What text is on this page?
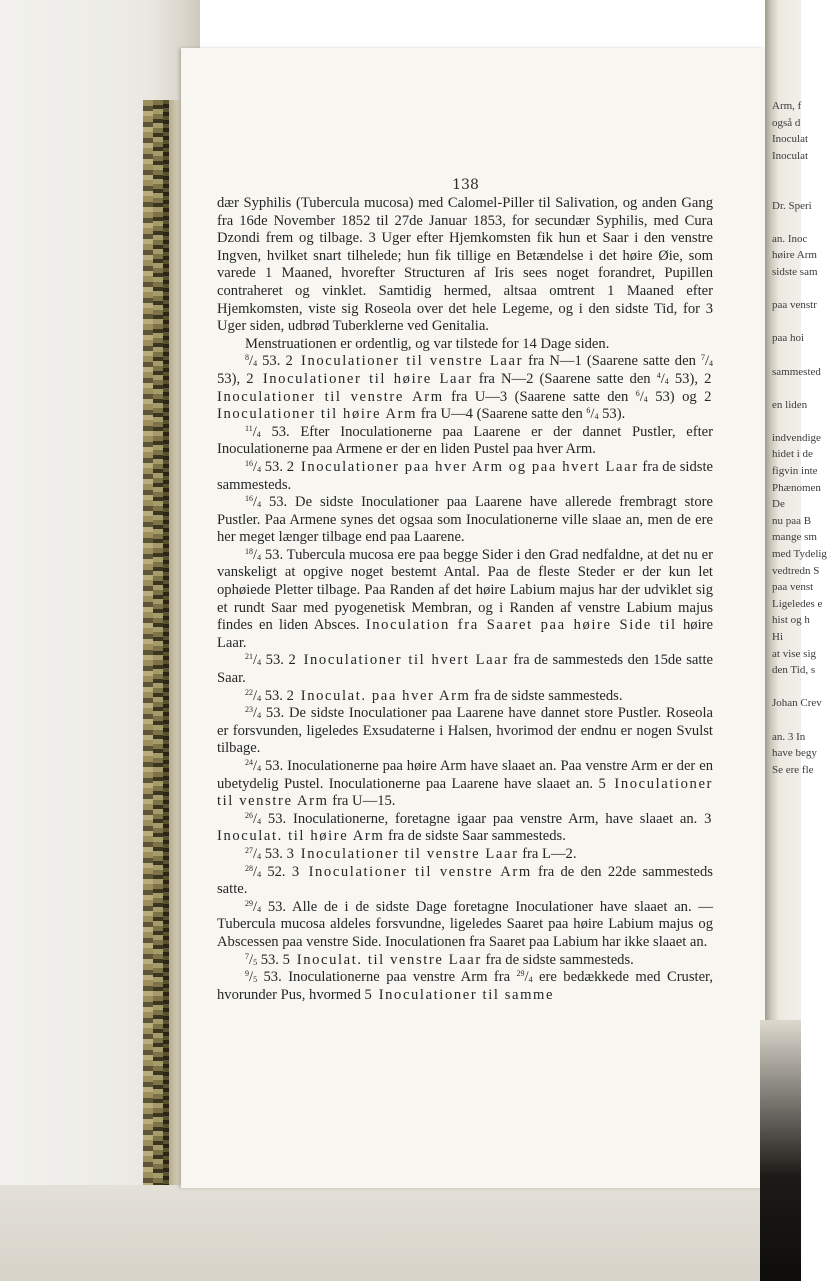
138

dær Syphilis (Tubercula mucosa) med Calomel-Piller til Salivation, og anden Gang fra 16de November 1852 til 27de Januar 1853, for secundær Syphilis, med Cura Dzondi frem og tilbage. 3 Uger efter Hjemkomsten fik hun et Saar i den venstre Ingven, hvilket snart tilhelede; hun fik tillige en Betændelse i det høire Øie, som varede 1 Maaned, hvorefter Structuren af Iris sees noget forandret, Pupillen contraheret og vinklet. Samtidig hermed, altsaa omtrent 1 Maaned efter Hjemkomsten, viste sig Roseola over det hele Legeme, og i den sidste Tid, for 3 Uger siden, udbrød Tuberklerne ved Genitalia.

Menstruationen er ordentlig, og var tilstede for 14 Dage siden.

$^8/_4$ 53. 2 Inoculationer til venstre Laar fra N—1 (Saarene satte den $^7/_4$ 53), 2 Inoculationer til høire Laar fra N—2 (Saarene satte den $^4/_4$ 53), 2 Inoculationer til venstre Arm fra U—3 (Saarene satte den $^6/_4$ 53) og 2 Inoculationer til høire Arm fra U—4 (Saarene satte den $^6/_4$ 53).

$^{11}/_4$ 53. Efter Inoculationerne paa Laarene er der dannet Pustler, efter Inoculationerne paa Armene er der en liden Pustel paa hver Arm.

$^{16}/_4$ 53. 2 Inoculationer paa hver Arm og paa hvert Laar fra de sidste sammesteds.

$^{16}/_4$ 53. De sidste Inoculationer paa Laarene have allerede frembragt store Pustler. Paa Armene synes det ogsaa som Inoculationerne ville slaae an, men de ere her meget længer tilbage end paa Laarene.

$^{18}/_4$ 53. Tubercula mucosa ere paa begge Sider i den Grad nedfaldne, at det nu er vanskeligt at opgive noget bestemt Antal. Paa de fleste Steder er der kun let ophøiede Pletter tilbage. Paa Randen af det høire Labium majus har der udviklet sig et rundt Saar med pyogenetisk Membran, og i Randen af venstre Labium majus findes en liden Absces. Inoculation fra Saaret paa høire Side til høire Laar.

$^{21}/_4$ 53. 2 Inoculationer til hvert Laar fra de sammesteds den 15de satte Saar.

$^{22}/_4$ 53. 2 Inoculat. paa hver Arm fra de sidste sammesteds.

$^{23}/_4$ 53. De sidste Inoculationer paa Laarene have dannet store Pustler. Roseola er forsvunden, ligeledes Exsudaterne i Halsen, hvorimod der endnu er nogen Svulst tilbage.

$^{24}/_4$ 53. Inoculationerne paa høire Arm have slaaet an. Paa venstre Arm er der en ubetydelig Pustel. Inoculationerne paa Laarene have slaaet an. 5 Inoculationer til venstre Arm fra U—15.

$^{26}/_4$ 53. Inoculationerne, foretagne igaar paa venstre Arm, have slaaet an. 3 Inoculat. til høire Arm fra de sidste Saar sammesteds.

$^{27}/_4$ 53. 3 Inoculationer til venstre Laar fra L—2.

$^{28}/_4$ 52. 3 Inoculationer til venstre Arm fra de den 22de sammesteds satte.

$^{29}/_4$ 53. Alle de i de sidste Dage foretagne Inoculationer have slaaet an. — Tubercula mucosa aldeles forsvundne, ligeledes Saaret paa høire Labium majus og Abscessen paa venstre Side. Inoculationen fra Saaret paa Labium har ikke slaaet an.

$^7/_5$ 53. 5 Inoculat. til venstre Laar fra de sidste sammesteds.

$^9/_5$ 53. Inoculationerne paa venstre Arm fra $^{29}/_4$ ere bedækkede med Cruster, hvorunder Pus, hvormed 5 Inoculationer til samme

Arm, f
også d
Inoculat
Inoculat
Dr. Speri
an. Inoc
høire Arm
sidste sam
paa venstr
paa hoi
sammested
en liden
indvendige
hidet i de
figvin inte
Phænomen
De
nu paa B
mange sm
med Tydelig
vedtredn S
paa venst
Ligeledes e
hist og h
Hi
at vise sig
den Tid, s
Johan Crev
an. 3 In
have begy
Se ere fle
